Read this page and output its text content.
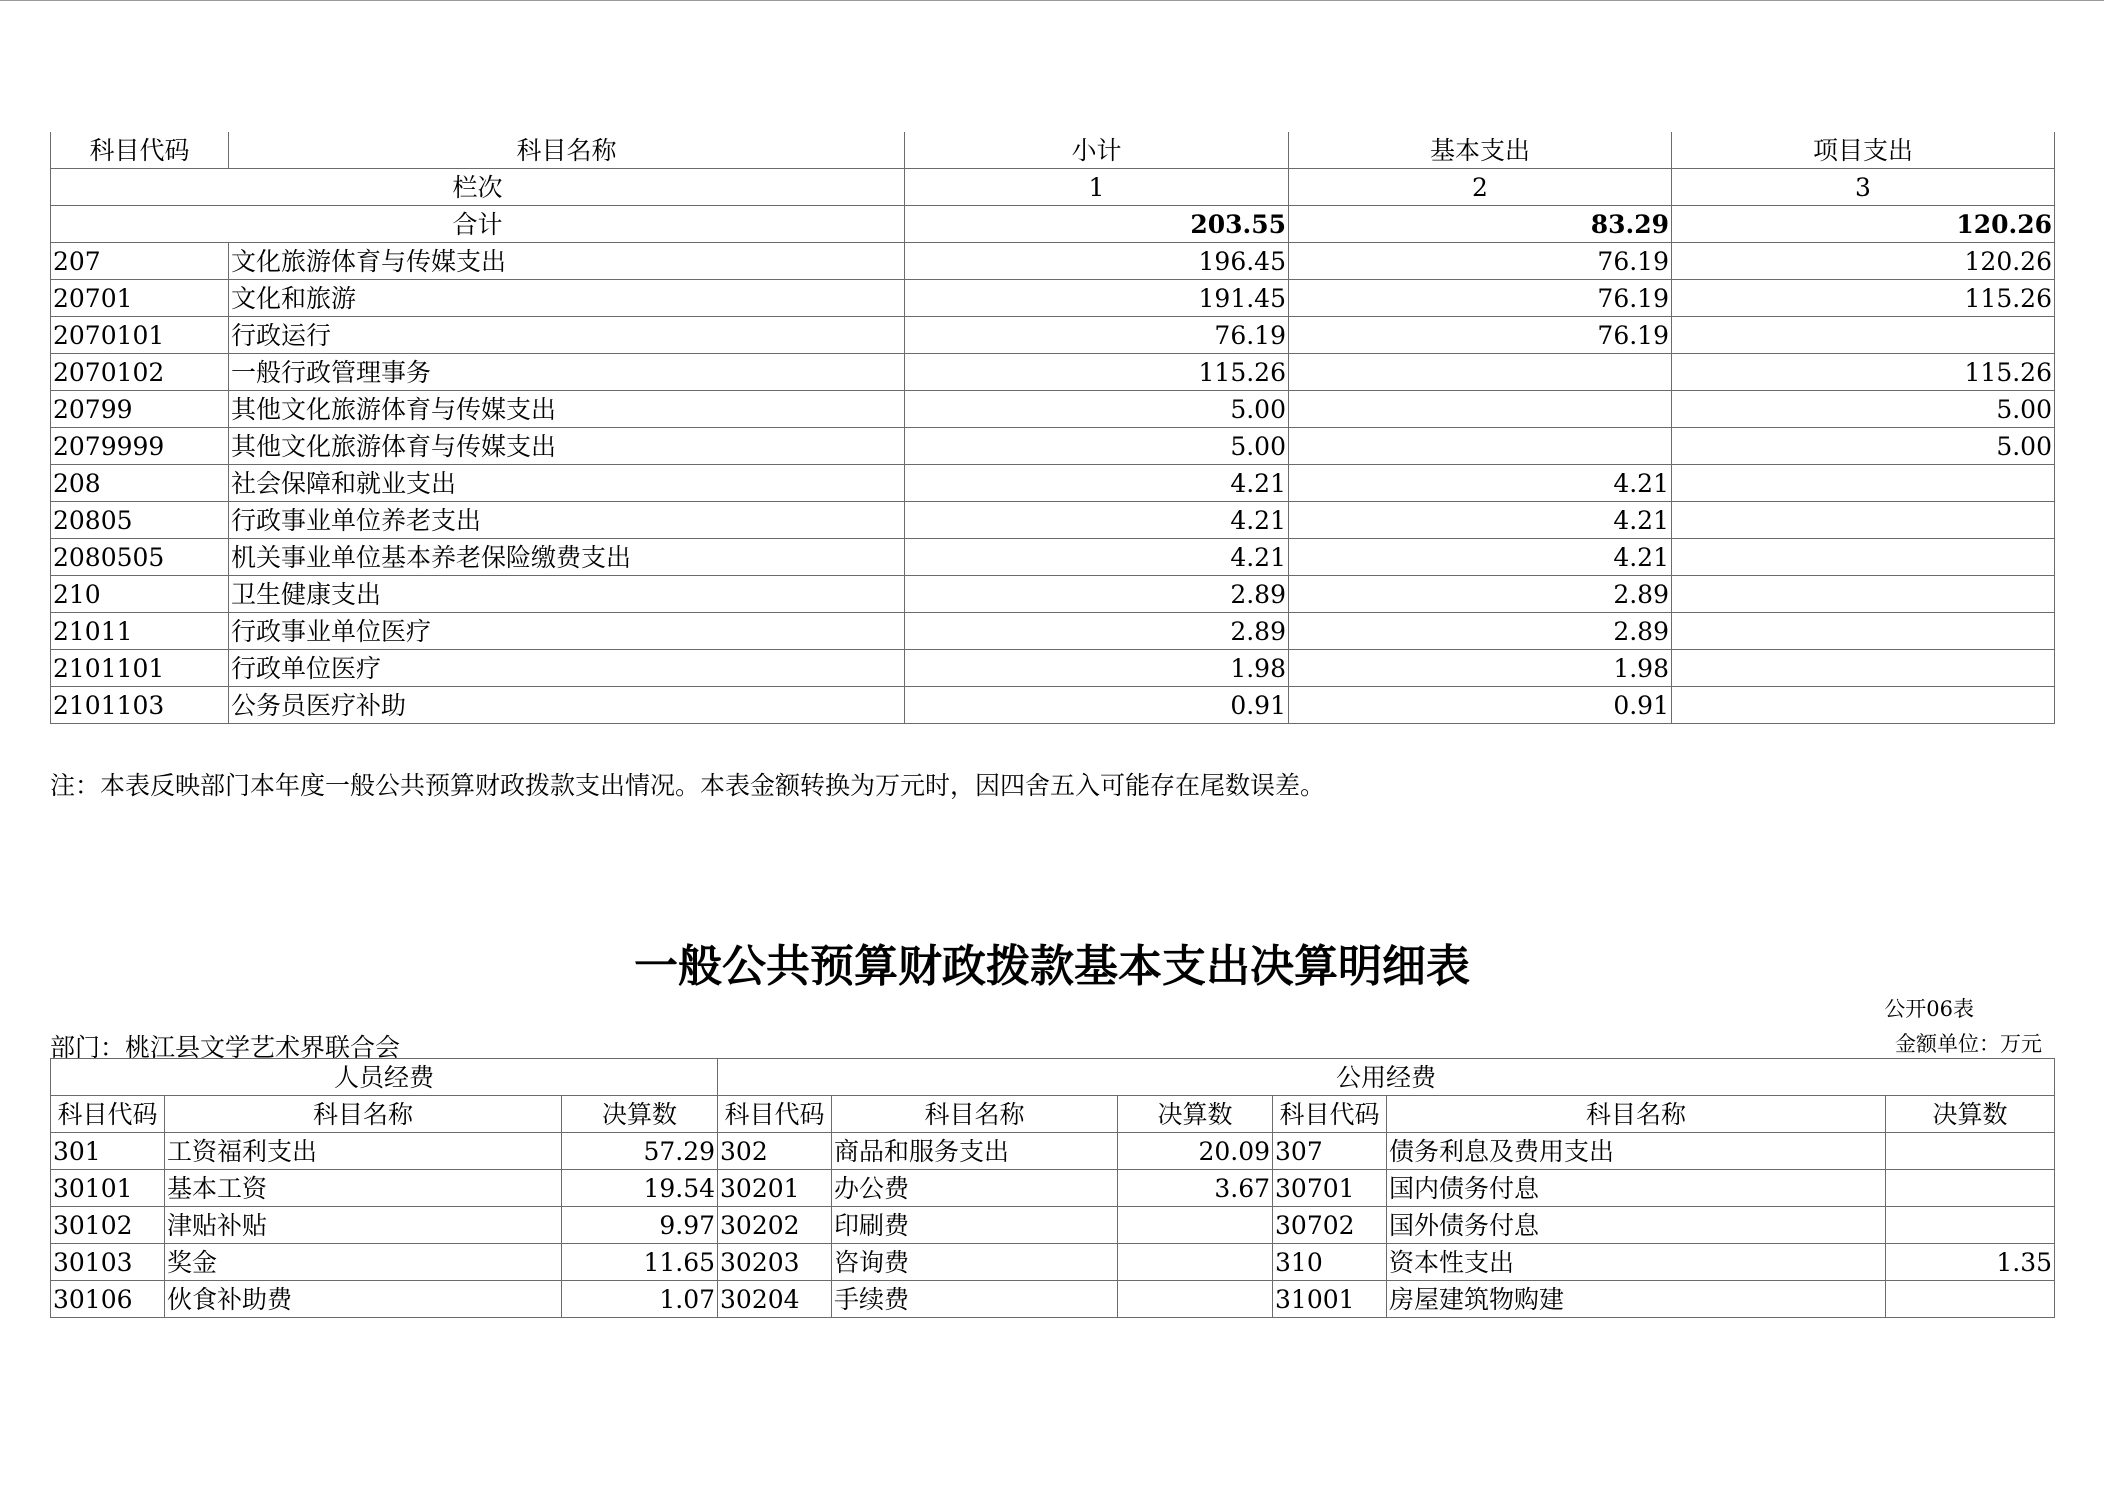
科目代码	科目名称	小计	基本支出	项目支出
栏次		1	2	3
合计		203.55	83.29	120.26
207	文化旅游体育与传媒支出	196.45	76.19	120.26
20701	文化和旅游	191.45	76.19	115.26
2070101	行政运行	76.19	76.19	
2070102	一般行政管理事务	115.26		115.26
20799	其他文化旅游体育与传媒支出	5.00		5.00
2079999	其他文化旅游体育与传媒支出	5.00		5.00
208	社会保障和就业支出	4.21	4.21	
20805	行政事业单位养老支出	4.21	4.21	
2080505	机关事业单位基本养老保险缴费支出	4.21	4.21	
210	卫生健康支出	2.89	2.89	
21011	行政事业单位医疗	2.89	2.89	
2101101	行政单位医疗	1.98	1.98	
2101103	公务员医疗补助	0.91	0.91	
注：本表反映部门本年度一般公共预算财政拨款支出情况。本表金额转换为万元时，因四舍五入可能存在尾数误差。
一般公共预算财政拨款基本支出决算明细表
公开06表
部门：桃江县文学艺术界联合会	金额单位：万元
人员经费			公用经费					
科目代码	科目名称	决算数	科目代码	科目名称	决算数	科目代码	科目名称	决算数
301	工资福利支出	57.29	302	商品和服务支出	20.09	307	债务利息及费用支出	
30101	基本工资	19.54	30201	办公费	3.67	30701	国内债务付息	
30102	津贴补贴	9.97	30202	印刷费		30702	国外债务付息	
30103	奖金	11.65	30203	咨询费		310	资本性支出	1.35
30106	伙食补助费	1.07	30204	手续费		31001	房屋建筑物购建	
